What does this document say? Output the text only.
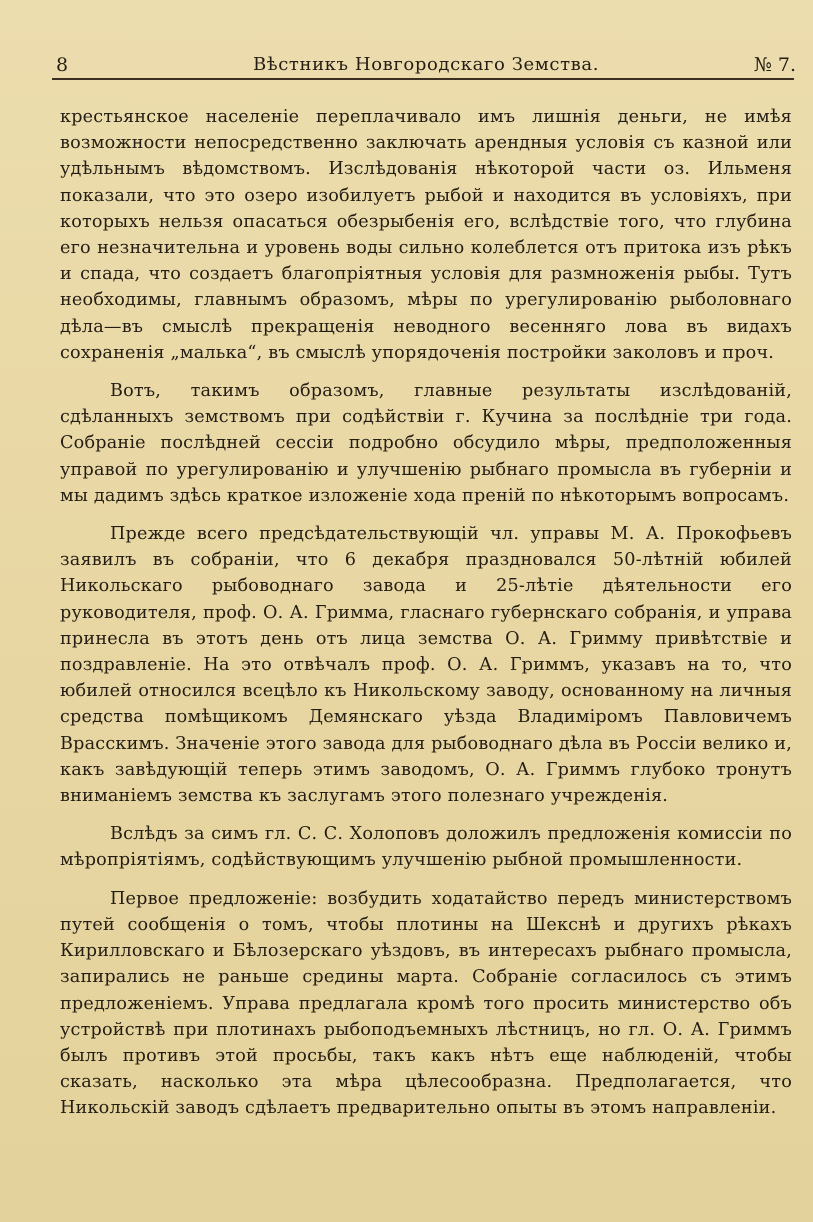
8	Вѣстникъ Новгородскаго Земства.	№ 7.

крестьянское населеніе переплачивало имъ лишнія деньги, не имѣя возможности непосредственно заключать арендныя условія съ казной или удѣльнымъ вѣдомствомъ. Изслѣдованія нѣкоторой части оз. Ильменя показали, что это озеро изобилуетъ рыбой и находится въ условіяхъ, при которыхъ нельзя опасаться обезрыбенія его, вслѣдствіе того, что глубина его незначительна и уровень воды сильно колеблется отъ притока изъ рѣкъ и спада, что создаетъ благопріятныя условія для размноженія рыбы. Тутъ необходимы, главнымъ образомъ, мѣры по урегулированію рыболовнаго дѣла—въ смыслѣ прекращенія неводного весенняго лова въ видахъ сохраненія „малька“, въ смыслѣ упорядоченія постройки заколовъ и проч.

Вотъ, такимъ образомъ, главные результаты изслѣдованій, сдѣланныхъ земствомъ при содѣйствіи г. Кучина за послѣдніе три года. Собраніе послѣдней сессіи подробно обсудило мѣры, предположенныя управой по урегулированію и улучшенію рыбнаго промысла въ губерніи и мы дадимъ здѣсь краткое изложеніе хода преній по нѣкоторымъ вопросамъ.

Прежде всего предсѣдательствующій чл. управы М. А. Прокофьевъ заявилъ въ собраніи, что 6 декабря праздновался 50-лѣтній юбилей Никольскаго рыбоводнаго завода и 25-лѣтіе дѣятельности его руководителя, проф. О. А. Гримма, гласнаго губернскаго собранія, и управа принесла въ этотъ день отъ лица земства О. А. Гримму привѣтствіе и поздравленіе. На это отвѣчалъ проф. О. А. Гриммъ, указавъ на то, что юбилей относился всецѣло къ Никольскому заводу, основанному на личныя средства помѣщикомъ Демянскаго уѣзда Владиміромъ Павловичемъ Врасскимъ. Значеніе этого завода для рыбоводнаго дѣла въ Россіи велико и, какъ завѣдующій теперь этимъ заводомъ, О. А. Гриммъ глубоко тронутъ вниманіемъ земства къ заслугамъ этого полезнаго учрежденія.

Вслѣдъ за симъ гл. С. С. Холоповъ доложилъ предложенія комиссіи по мѣропріятіямъ, содѣйствующимъ улучшенію рыбной промышленности.

Первое предложеніе: возбудить ходатайство передъ министерствомъ путей сообщенія о томъ, чтобы плотины на Шекснѣ и другихъ рѣкахъ Кирилловскаго и Бѣлозерскаго уѣздовъ, въ интересахъ рыбнаго промысла, запирались не раньше средины марта. Собраніе согласилось съ этимъ предложеніемъ. Управа предлагала кромѣ того просить министерство объ устройствѣ при плотинахъ рыбоподъемныхъ лѣстницъ, но гл. О. А. Гриммъ былъ противъ этой просьбы, такъ какъ нѣтъ еще наблюденій, чтобы сказать, насколько эта мѣра цѣлесообразна. Предполагается, что Никольскій заводъ сдѣлаетъ предварительно опыты въ этомъ направленіи.
